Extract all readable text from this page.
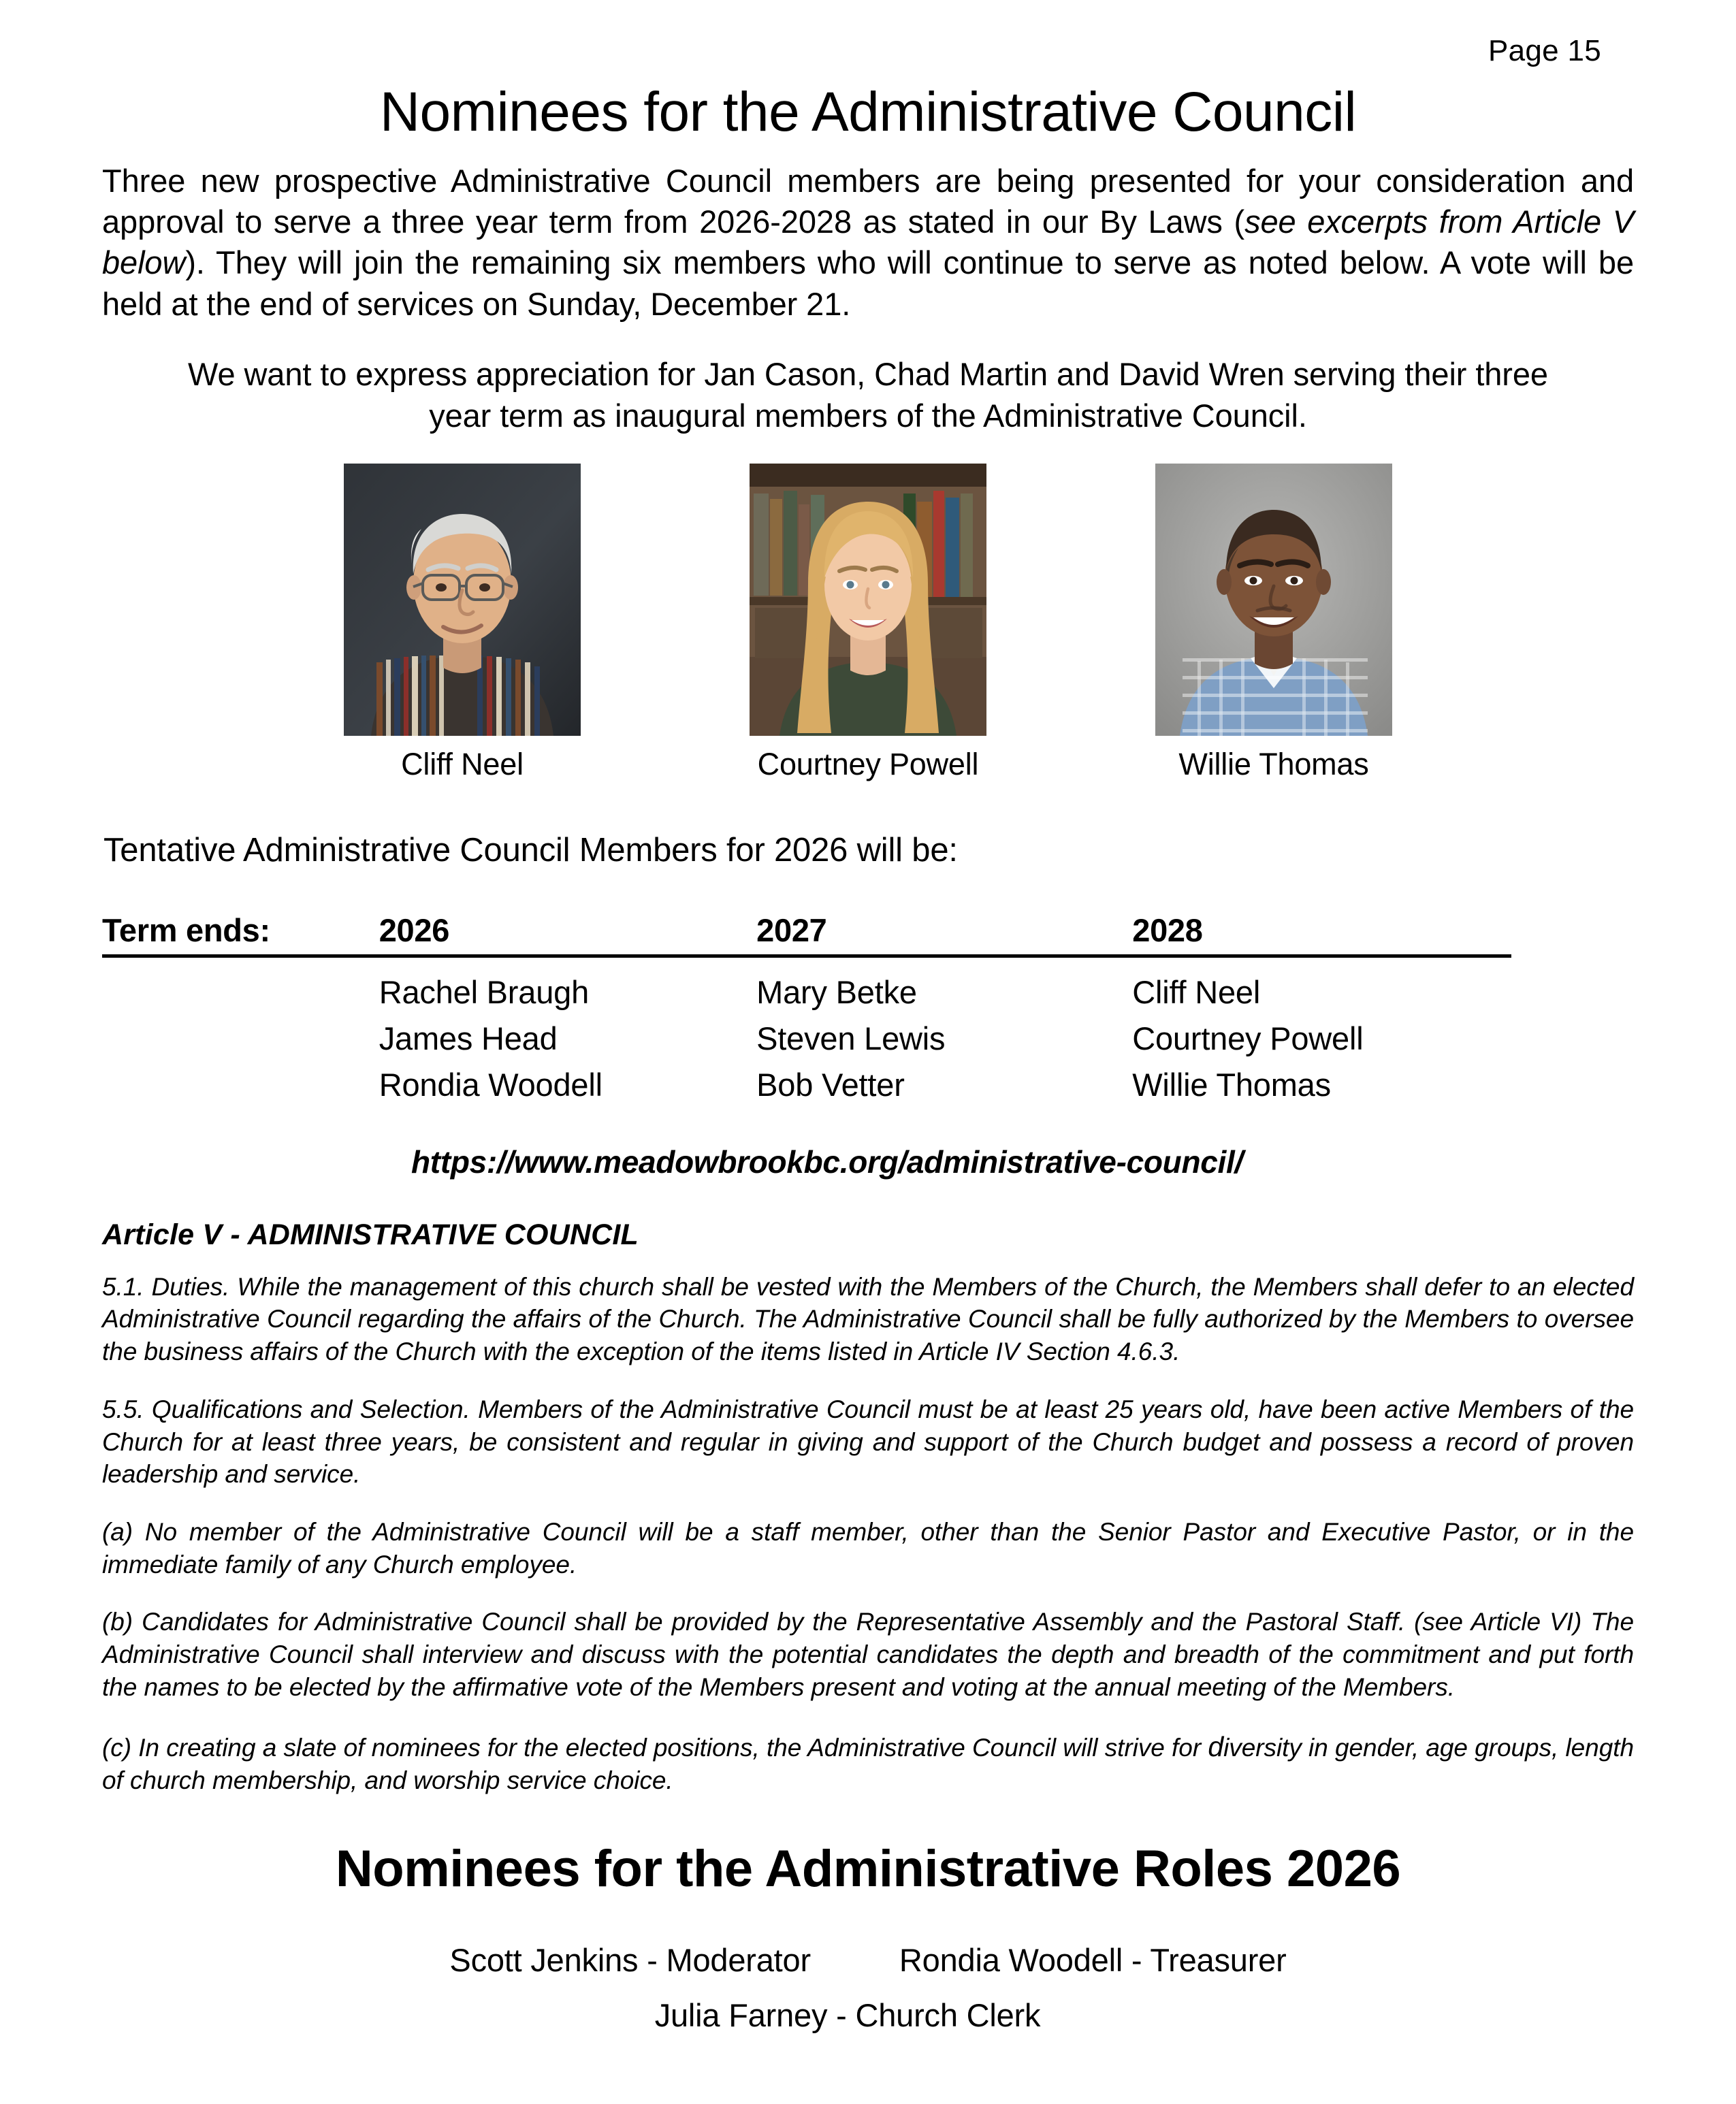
Page 15
Nominees for the Administrative Council

Three new prospective Administrative Council members are being presented for your consideration and approval to serve a three year term from 2026-2028 as stated in our By Laws (see excerpts from Article V below). They will join the remaining six members who will continue to serve as noted below. A vote will be held at the end of services on Sunday, December 21.

We want to express appreciation for Jan Cason, Chad Martin and David Wren serving their three year term as inaugural members of the Administrative Council.

Cliff Neel	Courtney Powell	Willie Thomas
Tentative Administrative Council Members for 2026 will be:
Term ends:	2026	2027	2028
	Rachel Braugh	Mary Betke	Cliff Neel
	James Head	Steven Lewis	Courtney Powell
	Rondia Woodell	Bob Vetter	Willie Thomas
https://www.meadowbrookbc.org/administrative-council/
Article V - ADMINISTRATIVE COUNCIL

5.1. Duties. While the management of this church shall be vested with the Members of the Church, the Members shall defer to an elected Administrative Council regarding the affairs of the Church. The Administrative Council shall be fully authorized by the Members to oversee the business affairs of the Church with the exception of the items listed in Article IV Section 4.6.3.

5.5. Qualifications and Selection. Members of the Administrative Council must be at least 25 years old, have been active Members of the Church for at least three years, be consistent and regular in giving and support of the Church budget and possess a record of proven leadership and service.

(a) No member of the Administrative Council will be a staff member, other than the Senior Pastor and Executive Pastor, or in the immediate family of any Church employee.

(b) Candidates for Administrative Council shall be provided by the Representative Assembly and the Pastoral Staff. (see Article VI) The Administrative Council shall interview and discuss with the potential candidates the depth and breadth of the commitment and put forth the names to be elected by the affirmative vote of the Members present and voting at the annual meeting of the Members.

(c) In creating a slate of nominees for the elected positions, the Administrative Council will strive for diversity in gender, age groups, length of church membership, and worship service choice.

Nominees for the Administrative Roles 2026
Scott Jenkins - Moderator	Rondia Woodell - Treasurer
Julia Farney - Church Clerk
